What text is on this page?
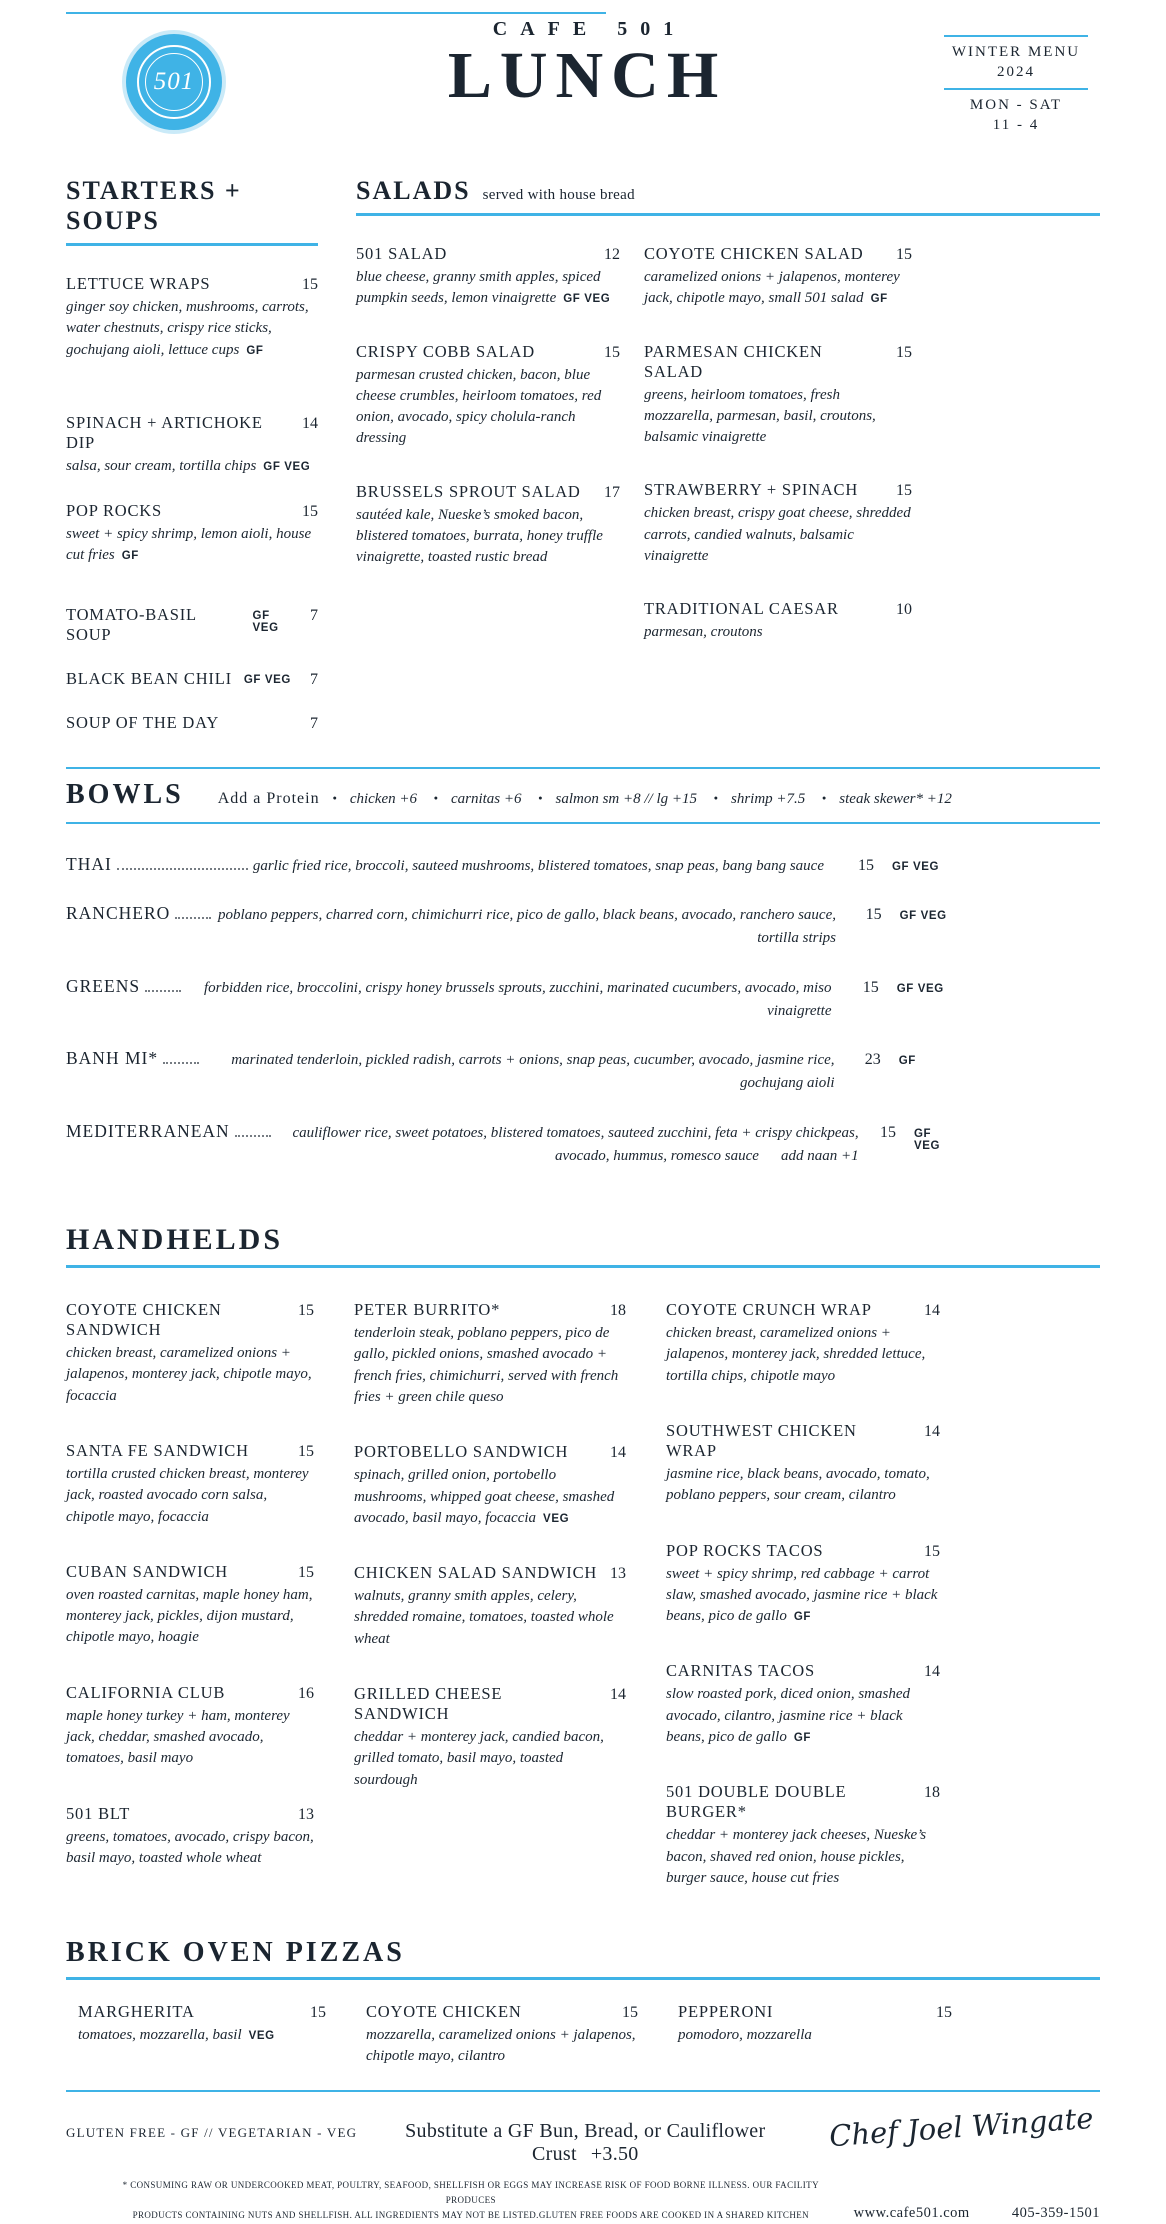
501
CAFE 501
LUNCH	WINTER MENU
2024
MON - SAT
11 - 4
STARTERS + SOUPS
LETTUCE WRAPS	15
ginger soy chicken, mushrooms, carrots, water chestnuts, crispy rice sticks, gochujang aioli, lettuce cups GF
SPINACH + ARTICHOKE DIP
14
salsa, sour cream, tortilla chips GF VEG
POP ROCKS	15
sweet + spicy shrimp, lemon aioli, house cut fries GF
TOMATO-BASIL SOUP
GF VEG
7
BLACK BEAN CHILI GF VEG	7
SOUP OF THE DAY	7
SALADS served with house bread
501 SALAD	12
blue cheese, granny smith apples, spiced pumpkin seeds, lemon vinaigrette GF VEG
CRISPY COBB SALAD	15
parmesan crusted chicken, bacon, blue cheese crumbles, heirloom tomatoes, red onion, avocado, spicy cholula-ranch dressing
BRUSSELS SPROUT SALAD	17
sautéed kale, Nueske’s smoked bacon, blistered tomatoes, burrata, honey truffle vinaigrette, toasted rustic bread
COYOTE CHICKEN SALAD	15
caramelized onions + jalapenos, monterey jack, chipotle mayo, small 501 salad GF
PARMESAN CHICKEN SALAD
15
greens, heirloom tomatoes, fresh mozzarella, parmesan, basil, croutons, balsamic vinaigrette
STRAWBERRY + SPINACH	15
chicken breast, crispy goat cheese, shredded carrots, candied walnuts, balsamic vinaigrette
TRADITIONAL CAESAR	10
parmesan, croutons
BOWLS Add a Protein	● chicken +6 ● carnitas +6 ● salmon sm +8 // lg +15 ● shrimp +7.5 ● steak skewer* +12
THAI	garlic fried rice, broccoli, sauteed mushrooms, blistered tomatoes, snap peas, bang bang sauce	15 GF VEG
RANCHERO	poblano peppers, charred corn, chimichurri rice, pico de gallo, black beans, avocado, ranchero sauce, tortilla strips
15 GF VEG
GREENS	forbidden rice, broccolini, crispy honey brussels sprouts, zucchini, marinated cucumbers, avocado, miso vinaigrette
15 GF VEG
BANH MI*	marinated tenderloin, pickled radish, carrots + onions, snap peas, cucumber, avocado, jasmine rice, gochujang aioli
23 GF
MEDITERRANEAN	cauliflower rice, sweet potatoes, blistered tomatoes, sauteed zucchini, feta + crispy chickpeas, avocado, hummus, romesco sauce add naan +1
15 GF VEG
HANDHELDS
COYOTE CHICKEN SANDWICH
15
chicken breast, caramelized onions + jalapenos, monterey jack, chipotle mayo, focaccia
SANTA FE SANDWICH	15
tortilla crusted chicken breast, monterey jack, roasted avocado corn salsa, chipotle mayo, focaccia
CUBAN SANDWICH	15
oven roasted carnitas, maple honey ham, monterey jack, pickles, dijon mustard, chipotle mayo, hoagie
CALIFORNIA CLUB	16
maple honey turkey + ham, monterey jack, cheddar, smashed avocado, tomatoes, basil mayo
501 BLT	13
greens, tomatoes, avocado, crispy bacon, basil mayo, toasted whole wheat
PETER BURRITO*	18
tenderloin steak, poblano peppers, pico de gallo, pickled onions, smashed avocado + french fries, chimichurri, served with french fries + green chile queso
PORTOBELLO SANDWICH	14
spinach, grilled onion, portobello mushrooms, whipped goat cheese, smashed avocado, basil mayo, focaccia VEG
CHICKEN SALAD SANDWICH 13
walnuts, granny smith apples, celery, shredded romaine, tomatoes, toasted whole wheat
GRILLED CHEESE SANDWICH
14
cheddar + monterey jack, candied bacon, grilled tomato, basil mayo, toasted sourdough
COYOTE CRUNCH WRAP	14
chicken breast, caramelized onions + jalapenos, monterey jack, shredded lettuce, tortilla chips, chipotle mayo
SOUTHWEST CHICKEN WRAP
14
jasmine rice, black beans, avocado, tomato, poblano peppers, sour cream, cilantro
POP ROCKS TACOS	15
sweet + spicy shrimp, red cabbage + carrot slaw, smashed avocado, jasmine rice + black beans, pico de gallo GF
CARNITAS TACOS	14
slow roasted pork, diced onion, smashed avocado, cilantro, jasmine rice + black beans, pico de gallo GF
501 DOUBLE DOUBLE BURGER*
18
cheddar + monterey jack cheeses, Nueske’s bacon, shaved red onion, house pickles, burger sauce, house cut fries
BRICK OVEN PIZZAS
MARGHERITA	15
tomatoes, mozzarella, basil VEG
COYOTE CHICKEN	15
mozzarella, caramelized onions + jalapenos, chipotle mayo, cilantro
PEPPERONI	15
pomodoro, mozzarella
GLUTEN FREE - GF // VEGETARIAN - VEG	Substitute a GF Bun, Bread, or Cauliflower Crust +3.50
Chef Joel Wingate
* CONSUMING RAW OR UNDERCOOKED MEAT, POULTRY, SEAFOOD, SHELLFISH OR EGGS MAY INCREASE RISK OF FOOD BORNE ILLNESS. OUR FACILITY PRODUCES
PRODUCTS CONTAINING NUTS AND SHELLFISH. ALL INGREDIENTS MAY NOT BE LISTED.GLUTEN FREE FOODS ARE COOKED IN A SHARED KITCHEN	www.cafe501.com	405-359-1501
